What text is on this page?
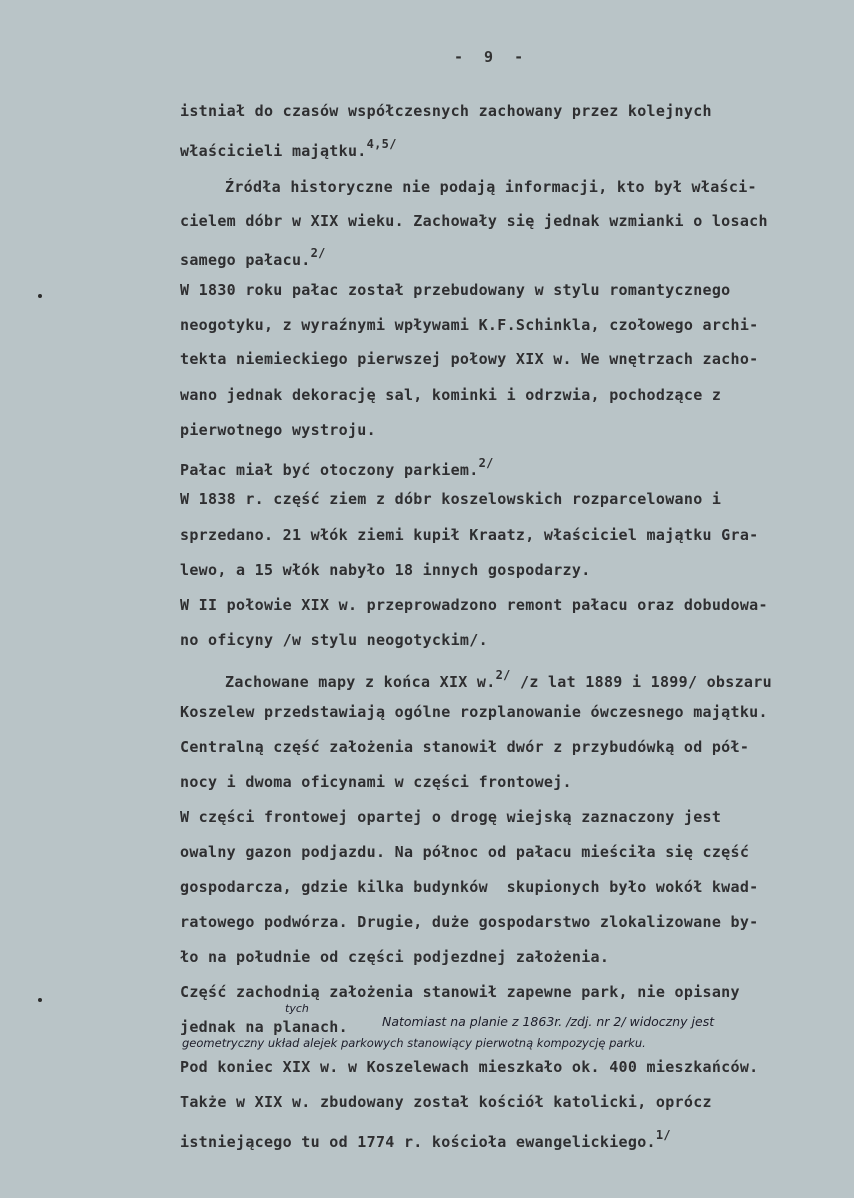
- 9 -
istniał do czasów współczesnych zachowany przez kolejnych
właścicieli majątku.$^{4,5/}$
Źródła historyczne nie podają informacji, kto był właści-
cielem dóbr w XIX wieku. Zachowały się jednak wzmianki o losach
samego pałacu.$^{2/}$
W 1830 roku pałac został przebudowany w stylu romantycznego
neogotyku, z wyraźnymi wpływami K.F.Schinkla, czołowego archi-
tekta niemieckiego pierwszej połowy XIX w. We wnętrzach zacho-
wano jednak dekorację sal, kominki i odrzwia, pochodzące z
pierwotnego wystroju.
Pałac miał być otoczony parkiem.$^{2/}$
W 1838 r. część ziem z dóbr koszelowskich rozparcelowano i
sprzedano. 21 włók ziemi kupił Kraatz, właściciel majątku Gra-
lewo, a 15 włók nabyło 18 innych gospodarzy.
W II połowie XIX w. przeprowadzono remont pałacu oraz dobudowa-
no oficyny /w stylu neogotyckim/.
Zachowane mapy z końca XIX w.$^{2/}$ /z lat 1889 i 1899/ obszaru
Koszelew przedstawiają ogólne rozplanowanie ówczesnego majątku.
Centralną część założenia stanowił dwór z przybudówką od pół-
nocy i dwoma oficynami w części frontowej.
W części frontowej opartej o drogę wiejską zaznaczony jest
owalny gazon podjazdu. Na północ od pałacu mieściła się część
gospodarcza, gdzie kilka budynków  skupionych było wokół kwad-
ratowego podwórza. Drugie, duże gospodarstwo zlokalizowane by-
ło na południe od części podjezdnej założenia.
Część zachodnią założenia stanowił zapewne park, nie opisany
jednak na planach.
Pod koniec XIX w. w Koszelewach mieszkało ok. 400 mieszkańców.
Także w XIX w. zbudowany został kościół katolicki, oprócz
istniejącego tu od 1774 r. kościoła ewangelickiego.$^{1/}$
tych
Natomiast na planie z 1863r. /zdj. nr 2/ widoczny jest
geometryczny układ alejek parkowych stanowiący pierwotną kompozycję parku.
